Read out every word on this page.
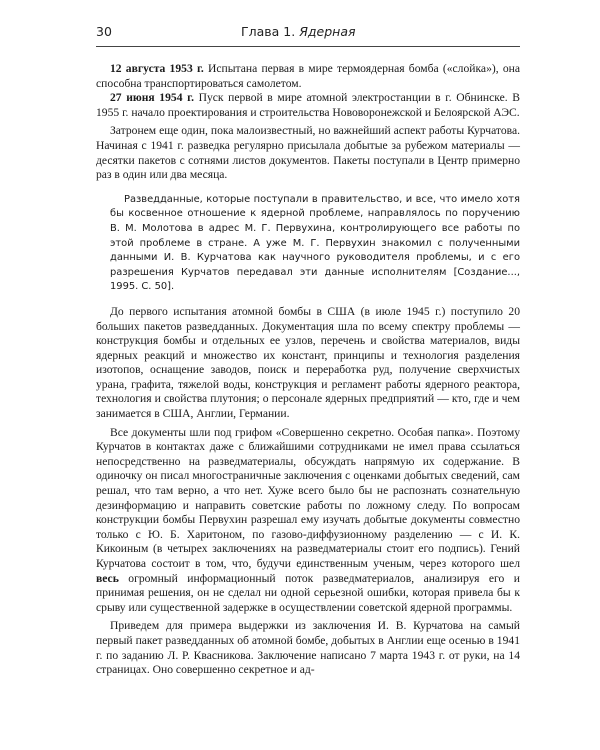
30	Глава 1. Ядерная

12 августа 1953 г. Испытана первая в мире термоядерная бомба («слойка»), она способна транспортироваться самолетом.

27 июня 1954 г. Пуск первой в мире атомной электростанции в г. Обнинске. В 1955 г. начало проектирования и строительства Нововоронежской и Белоярской АЭС.

Затронем еще один, пока малоизвестный, но важнейший аспект работы Курчатова. Начиная с 1941 г. разведка регулярно присылала добытые за рубежом материалы — десятки пакетов с сотнями листов документов. Пакеты поступали в Центр примерно раз в один или два месяца.

Разведданные, которые поступали в правительство, и все, что имело хотя бы косвенное отношение к ядерной проблеме, направлялось по поручению В. М. Молотова в адрес М. Г. Первухина, контролирующего все работы по этой проблеме в стране. А уже М. Г. Первухин знакомил с полученными данными И. В. Курчатова как научного руководителя проблемы, и с его разрешения Курчатов передавал эти данные исполнителям [Создание..., 1995. С. 50].

До первого испытания атомной бомбы в США (в июле 1945 г.) поступило 20 больших пакетов разведданных. Документация шла по всему спектру проблемы — конструкция бомбы и отдельных ее узлов, перечень и свойства материалов, виды ядерных реакций и множество их констант, принципы и технология разделения изотопов, оснащение заводов, поиск и переработка руд, получение сверхчистых урана, графита, тяжелой воды, конструкция и регламент работы ядерного реактора, технология и свойства плутония; о персонале ядерных предприятий — кто, где и чем занимается в США, Англии, Германии.

Все документы шли под грифом «Совершенно секретно. Особая папка». Поэтому Курчатов в контактах даже с ближайшими сотрудниками не имел права ссылаться непосредственно на разведматериалы, обсуждать напрямую их содержание. В одиночку он писал многостраничные заключения с оценками добытых сведений, сам решал, что там верно, а что нет. Хуже всего было бы не распознать сознательную дезинформацию и направить советские работы по ложному следу. По вопросам конструкции бомбы Первухин разрешал ему изучать добытые документы совместно только с Ю. Б. Харитоном, по газово-диффузионному разделению — с И. К. Кикоиным (в четырех заключениях на разведматериалы стоит его подпись). Гений Курчатова состоит в том, что, будучи единственным ученым, через которого шел весь огромный информационный поток разведматериалов, анализируя его и принимая решения, он не сделал ни одной серьезной ошибки, которая привела бы к срыву или существенной задержке в осуществлении советской ядерной программы.

Приведем для примера выдержки из заключения И. В. Курчатова на самый первый пакет разведданных об атомной бомбе, добытых в Англии еще осенью в 1941 г. по заданию Л. Р. Квасникова. Заключение написано 7 марта 1943 г. от руки, на 14 страницах. Оно совершенно секретное и ад-
